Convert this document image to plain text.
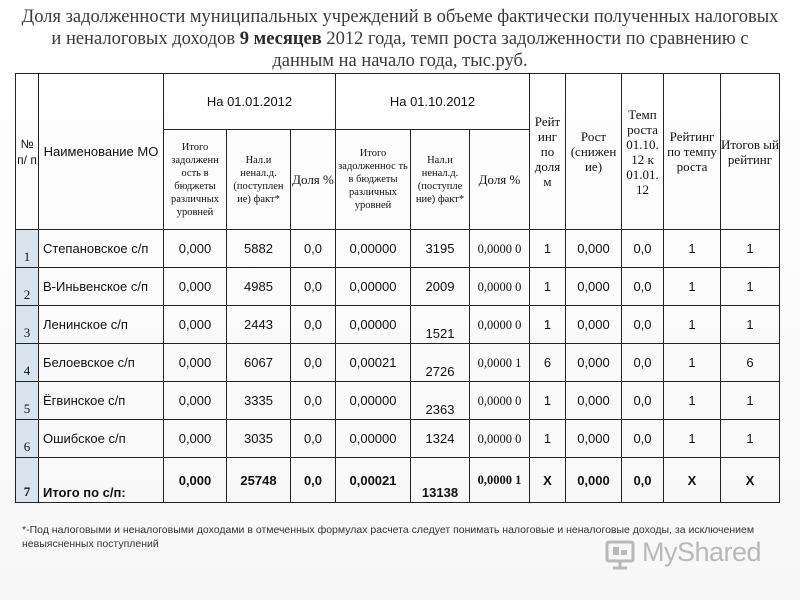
Доля задолженности муниципальных учреждений в объеме фактически полученных налоговых и неналоговых доходов 9 месяцев 2012 года, темп роста задолженности по сравнению с данным на начало года, тыс.руб.
№ п/ п	Наименование МО	На 01.01.2012			На 01.10.2012			Рейт инг по доля м	Рост (снижен ие)	Темп роста 01.10. 12 к 01.01. 12	Рейтинг по темпу роста	Итогов ый рейтинг
		Итого задолженн ость в бюджеты различных уровней	Нал.и ненал.д. (поступлен ие) факт*	Доля %	Итого задолженнос ть в бюджеты различных уровней	Нал.и ненал.д. (поступле ние) факт*	Доля %					
1	Степановское с/п	0,000	5882	0,0	0,00000	3195	0,0000 0	1	0,000	0,0	1	1
2	В-Иньвенское с/п	0,000	4985	0,0	0,00000	2009	0,0000 0	1	0,000	0,0	1	1
3	Ленинское с/п	0,000	2443	0,0	0,00000	1521	0,0000 0	1	0,000	0,0	1	1
4	Белоевское с/п	0,000	6067	0,0	0,00021	2726	0,0000 1	6	0,000	0,0	1	6
5	Ёгвинское с/п	0,000	3335	0,0	0,00000	2363	0,0000 0	1	0,000	0,0	1	1
6	Ошибское с/п	0,000	3035	0,0	0,00000	1324	0,0000 0	1	0,000	0,0	1	1
7	Итого по с/п:	0,000	25748	0,0	0,00021	13138	0,0000 1	Х	0,000	0,0	Х	Х
*-Под налоговыми и неналоговыми доходами в отмеченных формулах расчета следует понимать налоговые и неналоговые доходы, за исключением невыясненных поступлений	MyShared
